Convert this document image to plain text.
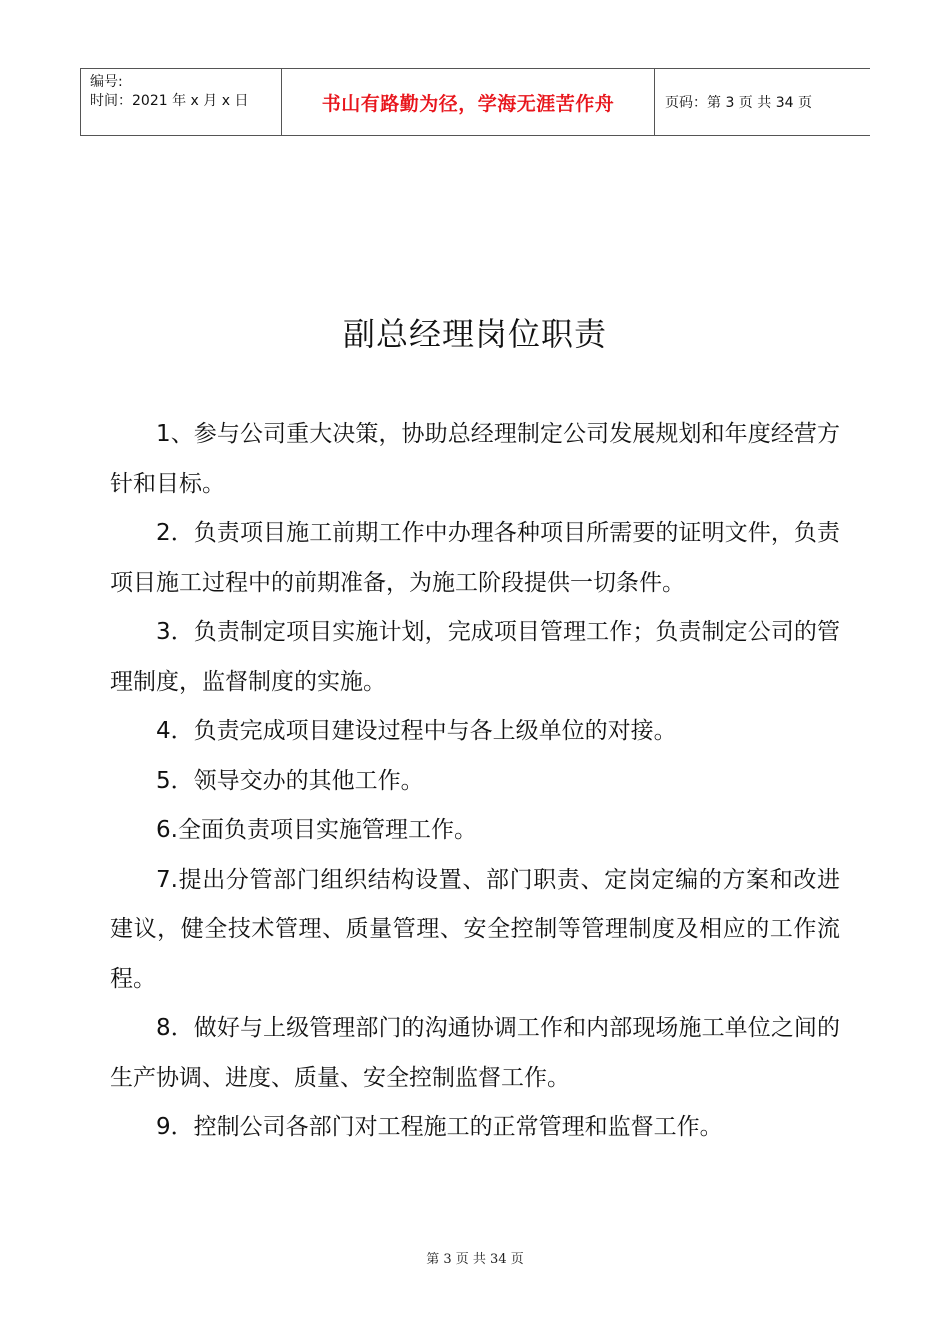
编号:
时间：2021 年 x 月 x 日	书山有路勤为径，学海无涯苦作舟	页码：第 3 页 共 34 页
副总经理岗位职责

1、参与公司重大决策，协助总经理制定公司发展规划和年度经营方针和目标。

2．负责项目施工前期工作中办理各种项目所需要的证明文件，负责项目施工过程中的前期准备，为施工阶段提供一切条件。

3．负责制定项目实施计划，完成项目管理工作；负责制定公司的管理制度，监督制度的实施。

4．负责完成项目建设过程中与各上级单位的对接。

5．领导交办的其他工作。

6.全面负责项目实施管理工作。

7.提出分管部门组织结构设置、部门职责、定岗定编的方案和改进建议，健全技术管理、质量管理、安全控制等管理制度及相应的工作流程。

8．做好与上级管理部门的沟通协调工作和内部现场施工单位之间的生产协调、进度、质量、安全控制监督工作。

9．控制公司各部门对工程施工的正常管理和监督工作。

第 3 页 共 34 页
